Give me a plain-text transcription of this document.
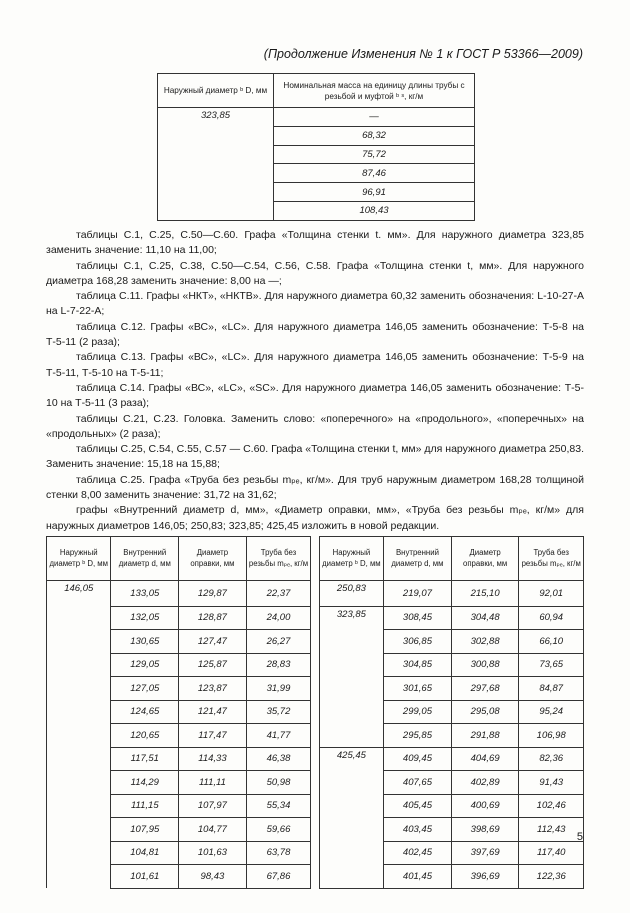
(Продолжение Изменения № 1 к ГОСТ Р 53366—2009)
Наружный диаметр ᵇ D, мм	Номинальная масса на единицу длины трубы с резьбой и муфтой ᵇ ˢ, кг/м
323,85	—
	68,32
	75,72
	87,46
	96,91
	108,43

таблицы С.1, С.25, С.50—С.60. Графа «Толщина стенки t. мм». Для наружного диаметра 323,85 заменить значение: 11,10 на 11,00;

таблицы С.1, С.25, С.38, С.50—С.54, С.56, С.58. Графа «Толщина стенки t, мм». Для наружного диаметра 168,28 заменить значение: 8,00 на —;

таблица С.11. Графы «НКТ», «НКТВ». Для наружного диаметра 60,32 заменить обозначения: L-10-27-А на L-7-22-А;

таблица С.12. Графы «ВС», «LC». Для наружного диаметра 146,05 заменить обозначение: Т-5-8 на Т-5-11 (2 раза);

таблица С.13. Графы «ВС», «LC». Для наружного диаметра 146,05 заменить обозначение: Т-5-9 на Т-5-11, Т-5-10 на Т-5-11;

таблица С.14. Графы «ВС», «LC», «SC». Для наружного диаметра 146,05 заменить обозначение: Т-5-10 на Т-5-11 (3 раза);

таблицы С.21, С.23. Головка. Заменить слово: «поперечного» на «продольного», «поперечных» на «продольных» (2 раза);

таблицы С.25, С.54, С.55, С.57 — С.60. Графа «Толщина стенки t, мм» для наружного диаметра 250,83. Заменить значение: 15,18 на 15,88;

таблица С.25. Графа «Труба без резьбы mₚₑ, кг/м». Для труб наружным диаметром 168,28 толщиной стенки 8,00 заменить значение: 31,72 на 31,62;

графы «Внутренний диаметр d, мм», «Диаметр оправки, мм», «Труба без резьбы mₚₑ, кг/м» для наружных диаметров 146,05; 250,83; 323,85; 425,45 изложить в новой редакции.

Наружный диаметр ᵇ D, мм	Внутренний диаметр d, мм	Диаметр оправки, мм	Труба без резьбы mₚₑ, кг/м		Наружный диаметр ᵇ D, мм	Внутренний диаметр d, мм	Диаметр оправки, мм	Труба без резьбы mₚₑ, кг/м
146,05	133,05	129,87	22,37		250,83	219,07	215,10	92,01
	132,05	128,87	24,00		323,85	308,45	304,48	60,94
	130,65	127,47	26,27			306,85	302,88	66,10
	129,05	125,87	28,83			304,85	300,88	73,65
	127,05	123,87	31,99			301,65	297,68	84,87
	124,65	121,47	35,72			299,05	295,08	95,24
	120,65	117,47	41,77			295,85	291,88	106,98
	117,51	114,33	46,38		425,45	409,45	404,69	82,36
	114,29	111,11	50,98			407,65	402,89	91,43
	111,15	107,97	55,34			405,45	400,69	102,46
	107,95	104,77	59,66			403,45	398,69	112,43
	104,81	101,63	63,78			402,45	397,69	117,40
	101,61	98,43	67,86			401,45	396,69	122,36
5
